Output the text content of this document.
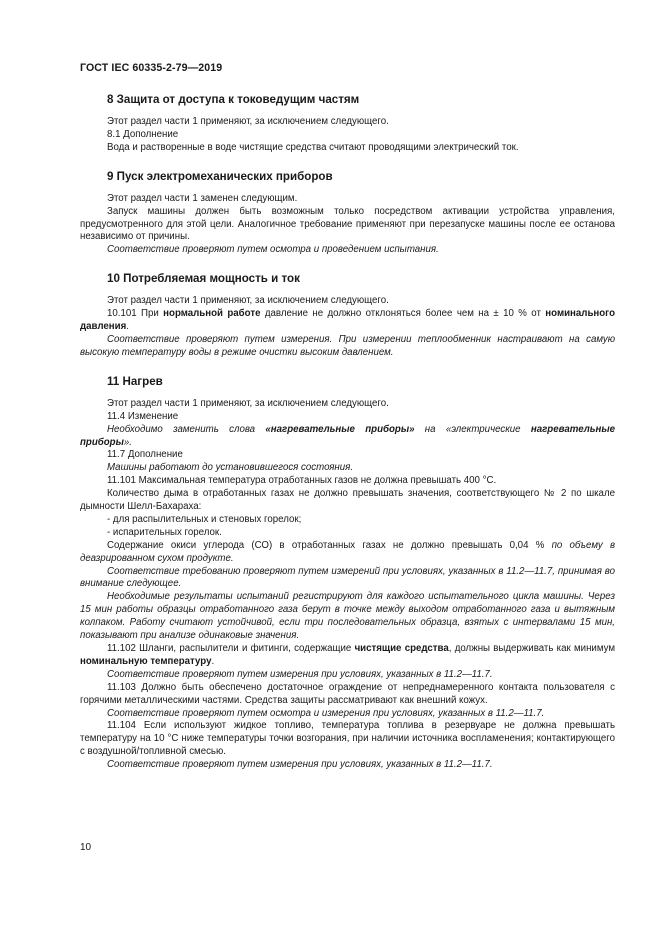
ГОСТ IEC 60335-2-79—2019
8 Защита от доступа к токоведущим частям
Этот раздел части 1 применяют, за исключением следующего.
8.1 Дополнение
Вода и растворенные в воде чистящие средства считают проводящими электрический ток.
9 Пуск электромеханических приборов
Этот раздел части 1 заменен следующим.
Запуск машины должен быть возможным только посредством активации устройства управления, предусмотренного для этой цели. Аналогичное требование применяют при перезапуске машины после ее останова независимо от причины.
Соответствие проверяют путем осмотра и проведением испытания.
10 Потребляемая мощность и ток
Этот раздел части 1 применяют, за исключением следующего.
10.101 При нормальной работе давление не должно отклоняться более чем на ± 10 % от номинального давления.
Соответствие проверяют путем измерения. При измерении теплообменник настраивают на самую высокую температуру воды в режиме очистки высоким давлением.
11 Нагрев
Этот раздел части 1 применяют, за исключением следующего.
11.4 Изменение
Необходимо заменить слова «нагревательные приборы» на «электрические нагревательные приборы».
11.7 Дополнение
Машины работают до установившегося состояния.
11.101 Максимальная температура отработанных газов не должна превышать 400 °С.
Количество дыма в отработанных газах не должно превышать значения, соответствующего № 2 по шкале дымности Шелл-Бахараха:
- для распылительных и стеновых горелок;
- испарительных горелок.
Содержание окиси углерода (СО) в отработанных газах не должно превышать 0,04 % по объему в деазрированном сухом продукте.
Соответствие требованию проверяют путем измерений при условиях, указанных в 11.2—11.7, принимая во внимание следующее.
Необходимые результаты испытаний регистрируют для каждого испытательного цикла машины. Через 15 мин работы образцы отработанного газа берут в точке между выходом отработанного газа и вытяжным колпаком. Работу считают устойчивой, если три последовательных образца, взятых с интервалами 15 мин, показывают при анализе одинаковые значения.
11.102 Шланги, распылители и фитинги, содержащие чистящие средства, должны выдерживать как минимум номинальную температуру.
Соответствие проверяют путем измерения при условиях, указанных в 11.2—11.7.
11.103 Должно быть обеспечено достаточное ограждение от непреднамеренного контакта пользователя с горячими металлическими частями. Средства защиты рассматривают как внешний кожух.
Соответствие проверяют путем осмотра и измерения при условиях, указанных в 11.2—11.7.
11.104 Если используют жидкое топливо, температура топлива в резервуаре не должна превышать температуру на 10 °С ниже температуры точки возгорания, при наличии источника воспламенения; контактирующего с воздушной/топливной смесью.
Соответствие проверяют путем измерения при условиях, указанных в 11.2—11.7.
10
